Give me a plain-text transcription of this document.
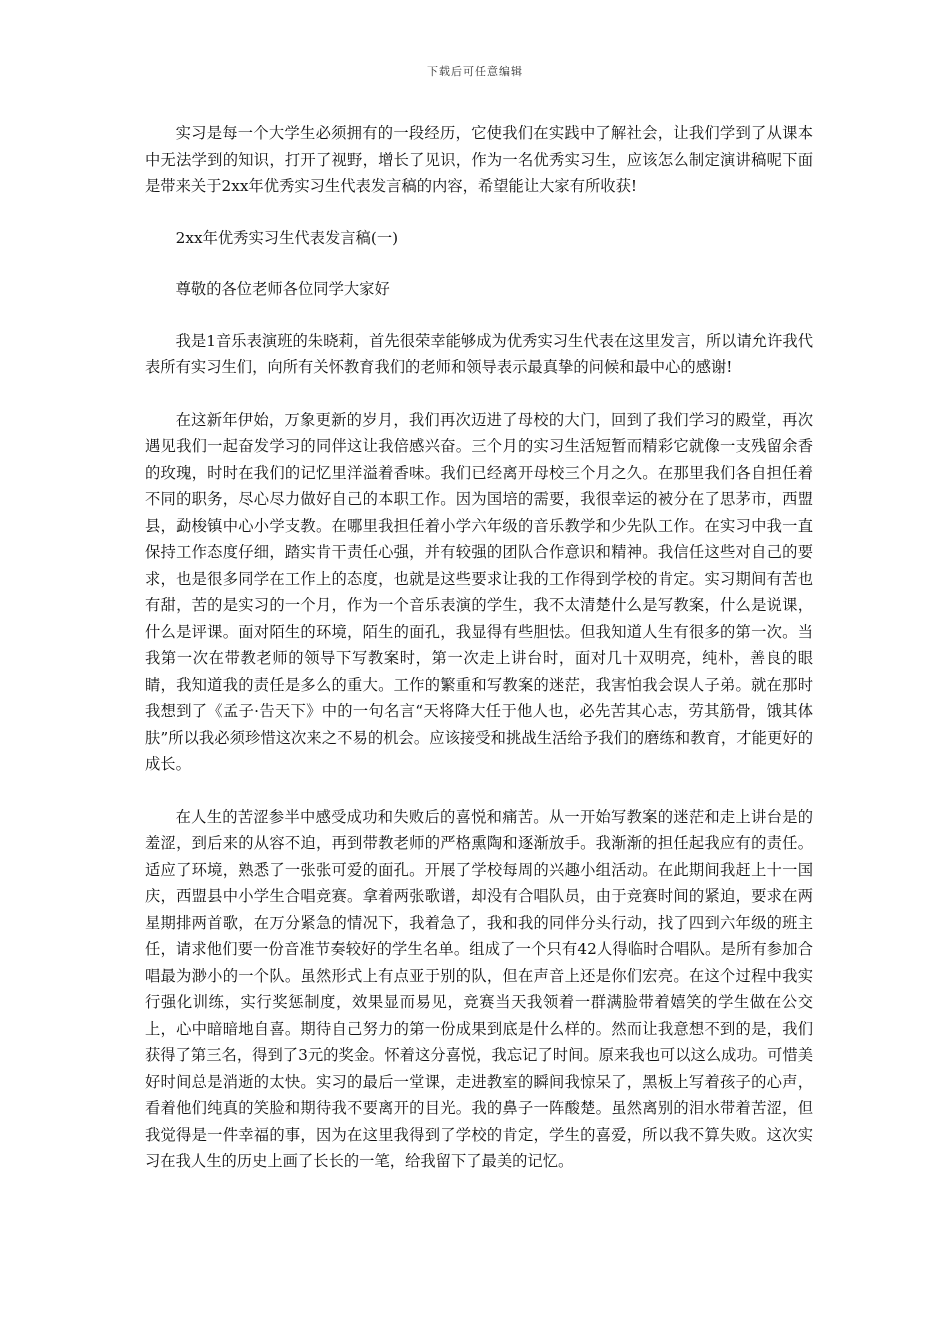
下载后可任意编辑

实习是每一个大学生必须拥有的一段经历，它使我们在实践中了解社会，让我们学到了从课本中无法学到的知识，打开了视野，增长了见识，作为一名优秀实习生，应该怎么制定演讲稿呢下面是带来关于2xx年优秀实习生代表发言稿的内容，希望能让大家有所收获!

2xx年优秀实习生代表发言稿(一)

尊敬的各位老师各位同学大家好

我是1音乐表演班的朱晓莉，首先很荣幸能够成为优秀实习生代表在这里发言，所以请允许我代表所有实习生们，向所有关怀教育我们的老师和领导表示最真挚的问候和最中心的感谢!

在这新年伊始，万象更新的岁月，我们再次迈进了母校的大门，回到了我们学习的殿堂，再次遇见我们一起奋发学习的同伴这让我倍感兴奋。三个月的实习生活短暂而精彩它就像一支残留余香的玫瑰，时时在我们的记忆里洋溢着香味。我们已经离开母校三个月之久。在那里我们各自担任着不同的职务，尽心尽力做好自己的本职工作。因为国培的需要，我很幸运的被分在了思茅市，西盟县，勐梭镇中心小学支教。在哪里我担任着小学六年级的音乐教学和少先队工作。在实习中我一直保持工作态度仔细，踏实肯干责任心强，并有较强的团队合作意识和精神。我信任这些对自己的要求，也是很多同学在工作上的态度，也就是这些要求让我的工作得到学校的肯定。实习期间有苦也有甜，苦的是实习的一个月，作为一个音乐表演的学生，我不太清楚什么是写教案，什么是说课，什么是评课。面对陌生的环境，陌生的面孔，我显得有些胆怯。但我知道人生有很多的第一次。当我第一次在带教老师的领导下写教案时，第一次走上讲台时，面对几十双明亮，纯朴，善良的眼睛，我知道我的责任是多么的重大。工作的繁重和写教案的迷茫，我害怕我会误人子弟。就在那时我想到了《孟子·告天下》中的一句名言“天将降大任于他人也，必先苦其心志，劳其筋骨，饿其体肤”所以我必须珍惜这次来之不易的机会。应该接受和挑战生活给予我们的磨练和教育，才能更好的成长。

在人生的苦涩参半中感受成功和失败后的喜悦和痛苦。从一开始写教案的迷茫和走上讲台是的羞涩，到后来的从容不迫，再到带教老师的严格熏陶和逐渐放手。我渐渐的担任起我应有的责任。适应了环境，熟悉了一张张可爱的面孔。开展了学校每周的兴趣小组活动。在此期间我赶上十一国庆，西盟县中小学生合唱竞赛。拿着两张歌谱，却没有合唱队员，由于竞赛时间的紧迫，要求在两星期排两首歌，在万分紧急的情况下，我着急了，我和我的同伴分头行动，找了四到六年级的班主任，请求他们要一份音准节奏较好的学生名单。组成了一个只有42人得临时合唱队。是所有参加合唱最为渺小的一个队。虽然形式上有点亚于别的队，但在声音上还是你们宏亮。在这个过程中我实行强化训练，实行奖惩制度，效果显而易见，竞赛当天我领着一群满脸带着嬉笑的学生做在公交上，心中暗暗地自喜。期待自己努力的第一份成果到底是什么样的。然而让我意想不到的是，我们获得了第三名，得到了3元的奖金。怀着这分喜悦，我忘记了时间。原来我也可以这么成功。可惜美好时间总是消逝的太快。实习的最后一堂课，走进教室的瞬间我惊呆了，黑板上写着孩子的心声，看着他们纯真的笑脸和期待我不要离开的目光。我的鼻子一阵酸楚。虽然离别的泪水带着苦涩，但我觉得是一件幸福的事，因为在这里我得到了学校的肯定，学生的喜爱，所以我不算失败。这次实习在我人生的历史上画了长长的一笔，给我留下了最美的记忆。
